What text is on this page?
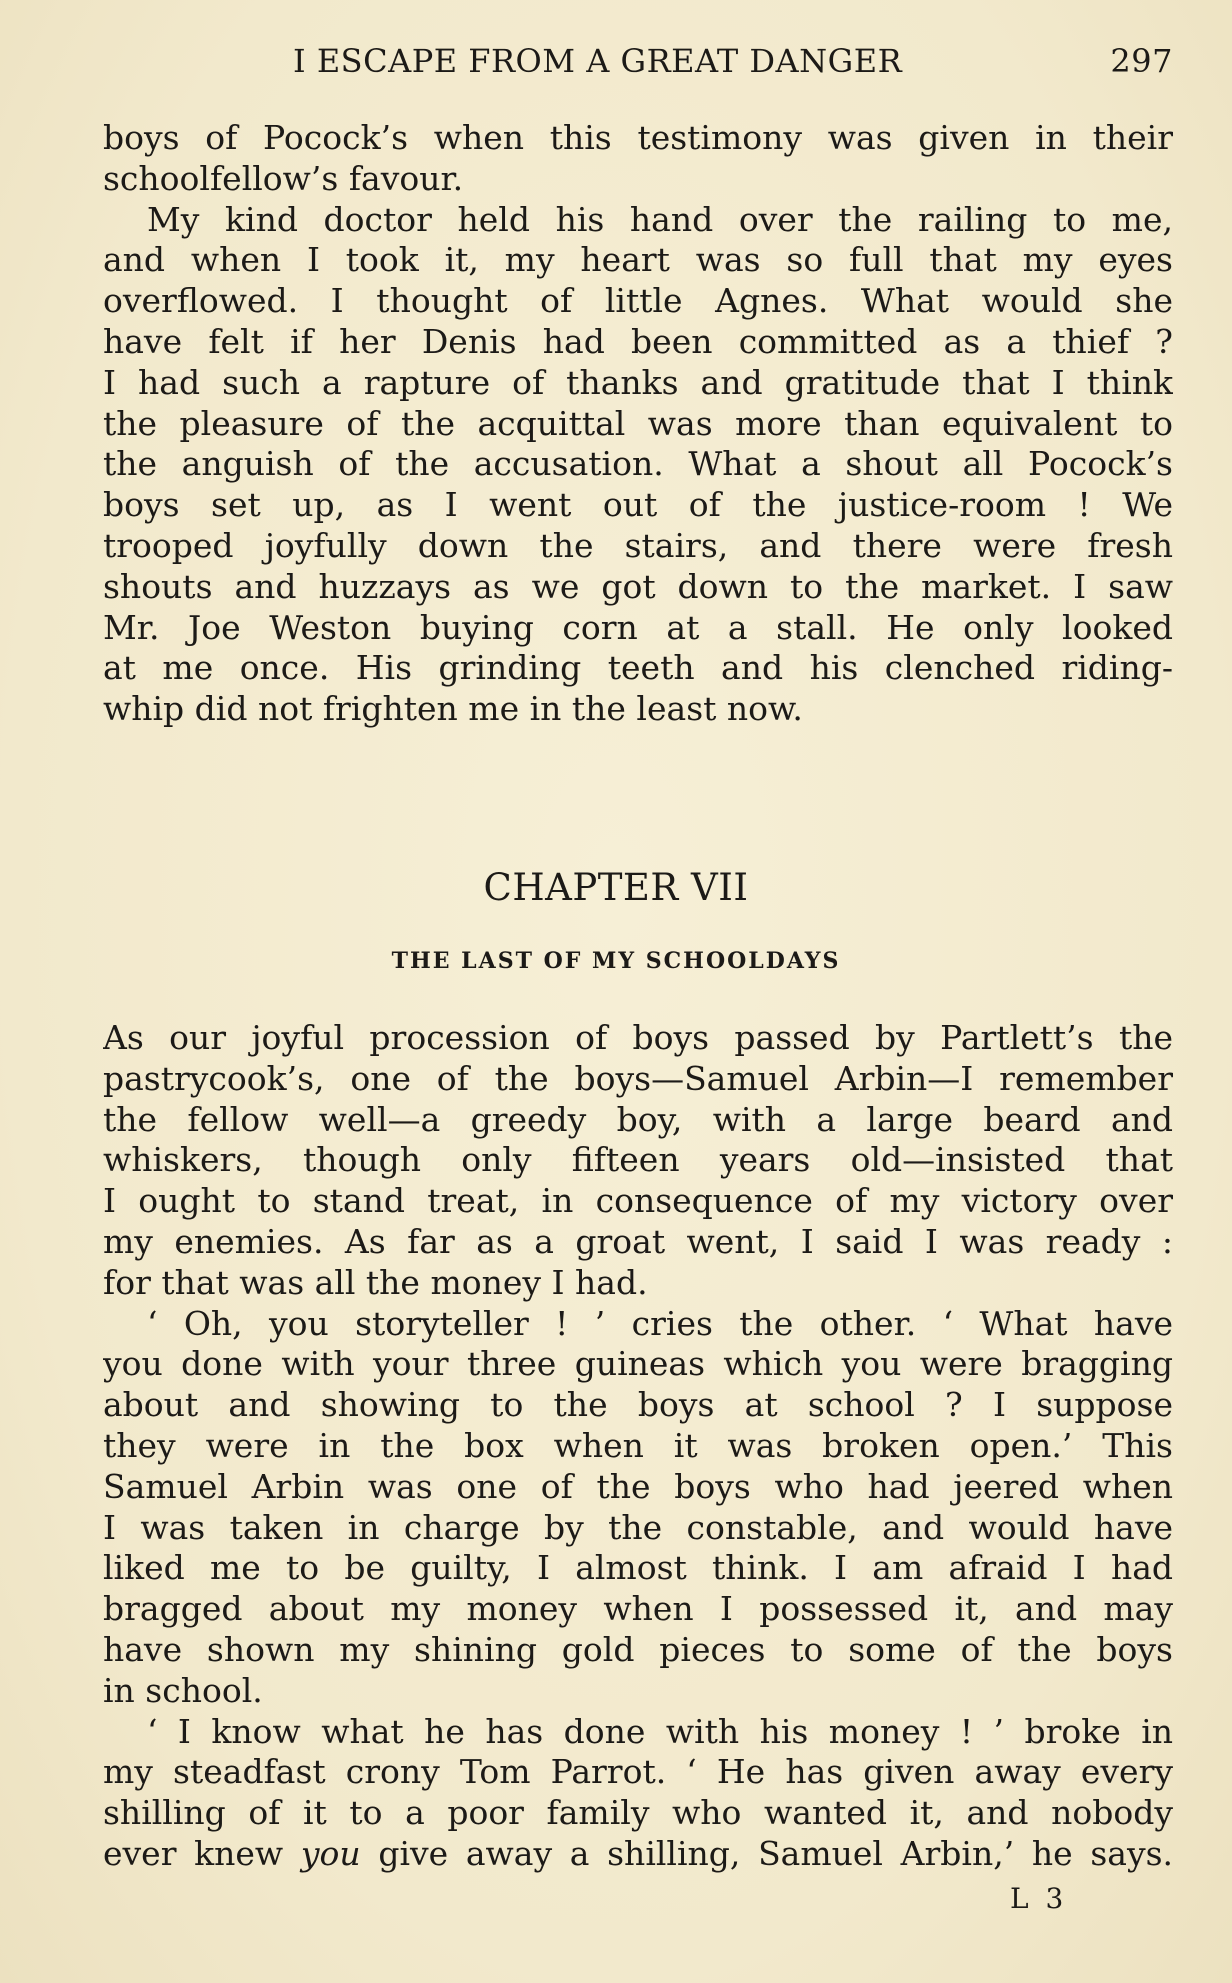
I ESCAPE FROM A GREAT DANGER	297
boys of Pocock’s when this testimony was given in their
schoolfellow’s favour.
My kind doctor held his hand over the railing to me,
and when I took it, my heart was so full that my eyes
overflowed. I thought of little Agnes. What would she
have felt if her Denis had been committed as a thief ?
I had such a rapture of thanks and gratitude that I think
the pleasure of the acquittal was more than equivalent to
the anguish of the accusation. What a shout all Pocock’s
boys set up, as I went out of the justice-room ! We
trooped joyfully down the stairs, and there were fresh
shouts and huzzays as we got down to the market. I saw
Mr. Joe Weston buying corn at a stall. He only looked
at me once. His grinding teeth and his clenched riding-
whip did not frighten me in the least now.
CHAPTER VII
THE LAST OF MY SCHOOLDAYS
As our joyful procession of boys passed by Partlett’s the
pastrycook’s, one of the boys—Samuel Arbin—I remember
the fellow well—a greedy boy, with a large beard and
whiskers, though only fifteen years old—insisted that
I ought to stand treat, in consequence of my victory over
my enemies. As far as a groat went, I said I was ready :
for that was all the money I had.
‘ Oh, you storyteller ! ’ cries the other. ‘ What have
you done with your three guineas which you were bragging
about and showing to the boys at school ? I suppose
they were in the box when it was broken open.’ This
Samuel Arbin was one of the boys who had jeered when
I was taken in charge by the constable, and would have
liked me to be guilty, I almost think. I am afraid I had
bragged about my money when I possessed it, and may
have shown my shining gold pieces to some of the boys
in school.
‘ I know what he has done with his money ! ’ broke in
my steadfast crony Tom Parrot. ‘ He has given away every
shilling of it to a poor family who wanted it, and nobody
ever knew you give away a shilling, Samuel Arbin,’ he says.
L 3
